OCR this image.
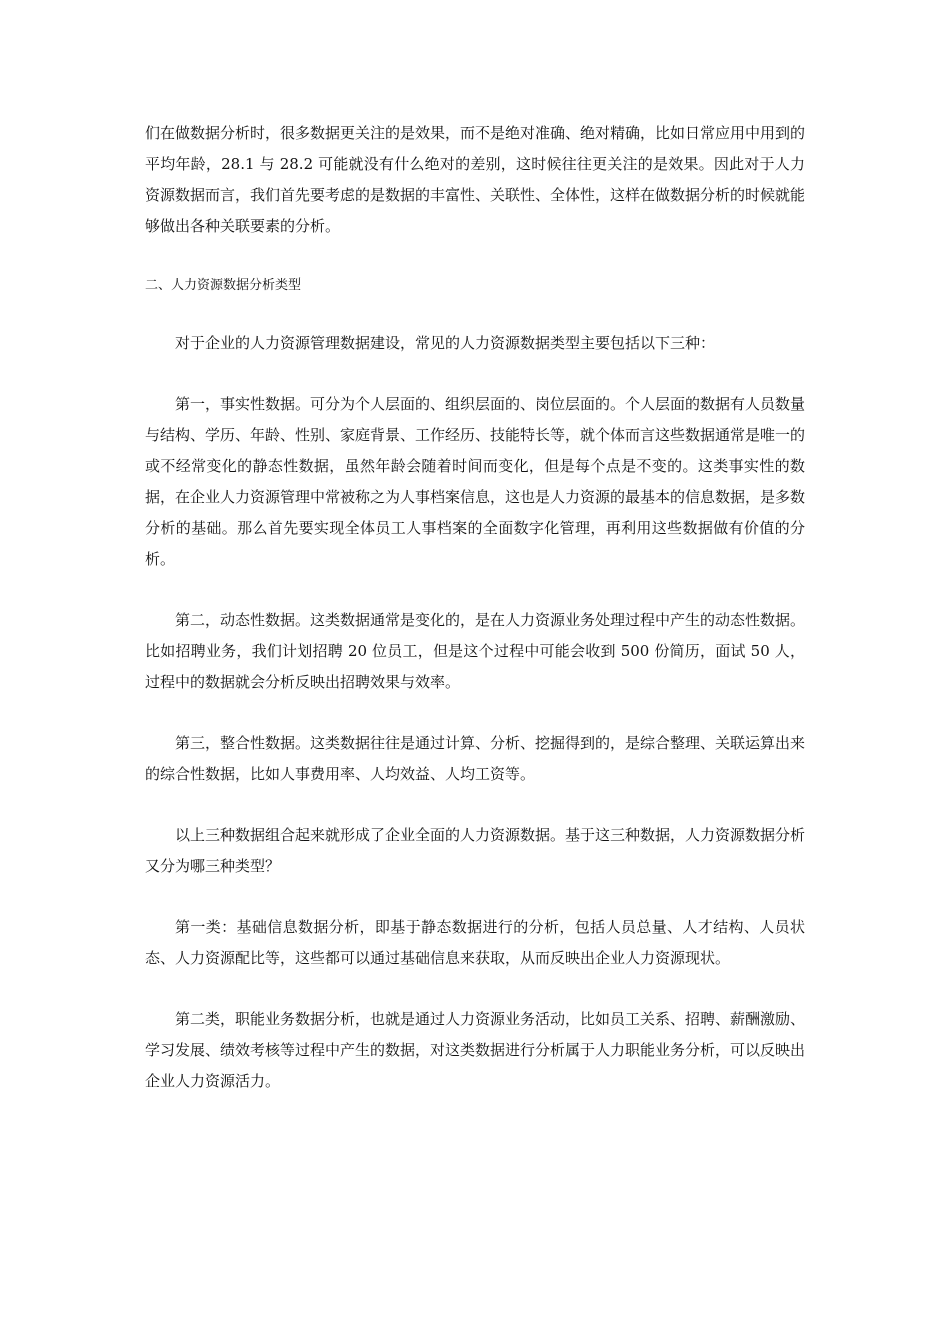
们在做数据分析时，很多数据更关注的是效果，而不是绝对准确、绝对精确，比如日常应用中用到的平均年龄，28.1 与 28.2 可能就没有什么绝对的差别，这时候往往更关注的是效果。因此对于人力资源数据而言，我们首先要考虑的是数据的丰富性、关联性、全体性，这样在做数据分析的时候就能够做出各种关联要素的分析。

二、人力资源数据分析类型

对于企业的人力资源管理数据建设，常见的人力资源数据类型主要包括以下三种：

第一，事实性数据。可分为个人层面的、组织层面的、岗位层面的。个人层面的数据有人员数量与结构、学历、年龄、性别、家庭背景、工作经历、技能特长等，就个体而言这些数据通常是唯一的或不经常变化的静态性数据，虽然年龄会随着时间而变化，但是每个点是不变的。这类事实性的数据，在企业人力资源管理中常被称之为人事档案信息，这也是人力资源的最基本的信息数据，是多数分析的基础。那么首先要实现全体员工人事档案的全面数字化管理，再利用这些数据做有价值的分析。

第二，动态性数据。这类数据通常是变化的，是在人力资源业务处理过程中产生的动态性数据。比如招聘业务，我们计划招聘 20 位员工，但是这个过程中可能会收到 500 份简历，面试 50 人，过程中的数据就会分析反映出招聘效果与效率。

第三，整合性数据。这类数据往往是通过计算、分析、挖掘得到的，是综合整理、关联运算出来的综合性数据，比如人事费用率、人均效益、人均工资等。

以上三种数据组合起来就形成了企业全面的人力资源数据。基于这三种数据，人力资源数据分析又分为哪三种类型？

第一类：基础信息数据分析，即基于静态数据进行的分析，包括人员总量、人才结构、人员状态、人力资源配比等，这些都可以通过基础信息来获取，从而反映出企业人力资源现状。

第二类，职能业务数据分析，也就是通过人力资源业务活动，比如员工关系、招聘、薪酬激励、学习发展、绩效考核等过程中产生的数据，对这类数据进行分析属于人力职能业务分析，可以反映出企业人力资源活力。
